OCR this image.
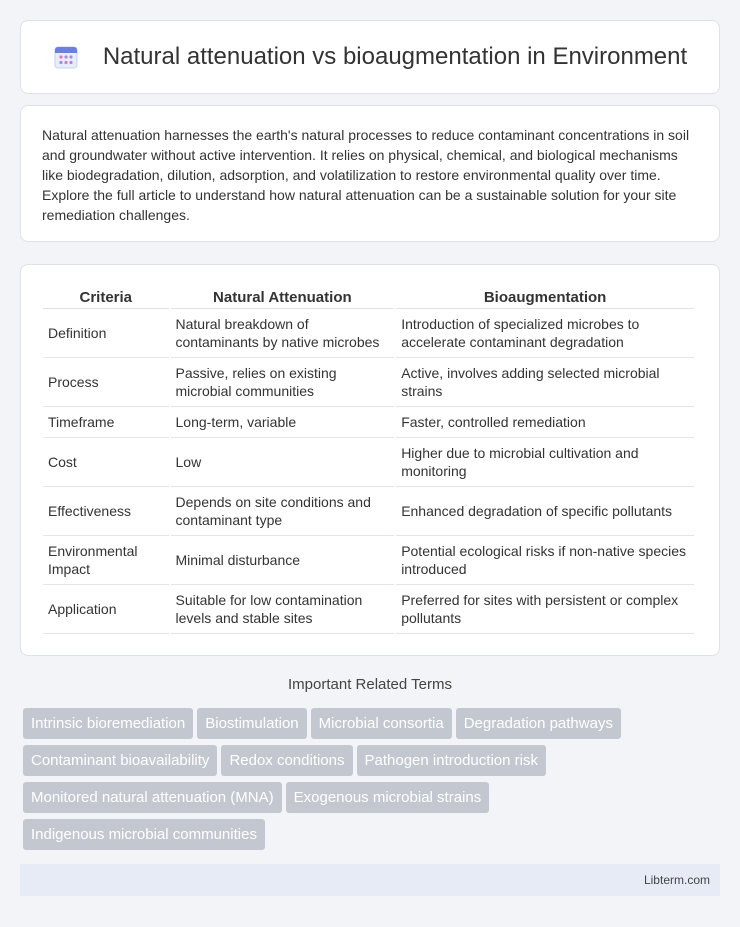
Natural attenuation vs bioaugmentation in Environment

Natural attenuation harnesses the earth's natural processes to reduce contaminant concentrations in soil and groundwater without active intervention. It relies on physical, chemical, and biological mechanisms like biodegradation, dilution, adsorption, and volatilization to restore environmental quality over time. Explore the full article to understand how natural attenuation can be a sustainable solution for your site remediation challenges.

Criteria	Natural Attenuation	Bioaugmentation
Definition	Natural breakdown of contaminants by native microbes	Introduction of specialized microbes to accelerate contaminant degradation
Process	Passive, relies on existing microbial communities	Active, involves adding selected microbial strains
Timeframe	Long-term, variable	Faster, controlled remediation
Cost	Low	Higher due to microbial cultivation and monitoring
Effectiveness	Depends on site conditions and contaminant type	Enhanced degradation of specific pollutants
Environmental Impact	Minimal disturbance	Potential ecological risks if non-native species introduced
Application	Suitable for low contamination levels and stable sites	Preferred for sites with persistent or complex pollutants
Important Related Terms
Intrinsic bioremediation Biostimulation Microbial consortia Degradation pathways
Contaminant bioavailability Redox conditions Pathogen introduction risk
Monitored natural attenuation (MNA) Exogenous microbial strains
Indigenous microbial communities
Libterm.com
